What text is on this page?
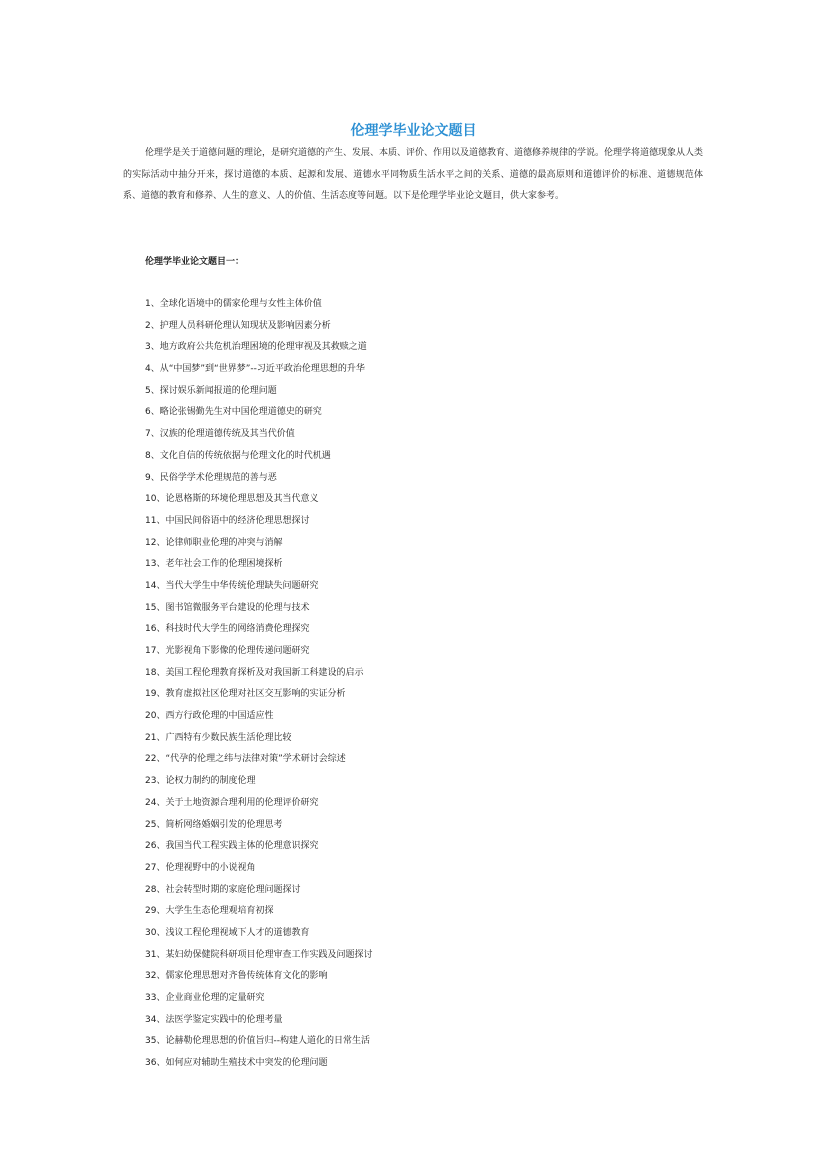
伦理学毕业论文题目

伦理学是关于道德问题的理论，是研究道德的产生、发展、本质、评价、作用以及道德教育、道德修养规律的学说。伦理学将道德现象从人类的实际活动中抽分开来，探讨道德的本质、起源和发展、道德水平同物质生活水平之间的关系、道德的最高原则和道德评价的标准、道德规范体系、道德的教育和修养、人生的意义、人的价值、生活态度等问题。以下是伦理学毕业论文题目，供大家参考。

伦理学毕业论文题目一：

1、全球化语境中的儒家伦理与女性主体价值
2、护理人员科研伦理认知现状及影响因素分析
3、地方政府公共危机治理困境的伦理审视及其救赎之道
4、从“中国梦”到“世界梦”--习近平政治伦理思想的升华
5、探讨娱乐新闻报道的伦理问题
6、略论张锡勤先生对中国伦理道德史的研究
7、汉族的伦理道德传统及其当代价值
8、文化自信的传统依据与伦理文化的时代机遇
9、民俗学学术伦理规范的善与恶
10、论恩格斯的环境伦理思想及其当代意义
11、中国民间俗语中的经济伦理思想探讨
12、论律师职业伦理的冲突与消解
13、老年社会工作的伦理困境探析
14、当代大学生中华传统伦理缺失问题研究
15、图书馆微服务平台建设的伦理与技术
16、科技时代大学生的网络消费伦理探究
17、光影视角下影像的伦理传递问题研究
18、美国工程伦理教育探析及对我国新工科建设的启示
19、教育虚拟社区伦理对社区交互影响的实证分析
20、西方行政伦理的中国适应性
21、广西特有少数民族生活伦理比较
22、“代孕的伦理之纬与法律对策”学术研讨会综述
23、论权力制约的制度伦理
24、关于土地资源合理利用的伦理评价研究
25、简析网络婚姻引发的伦理思考
26、我国当代工程实践主体的伦理意识探究
27、伦理视野中的小说视角
28、社会转型时期的家庭伦理问题探讨
29、大学生生态伦理观培育初探
30、浅议工程伦理视域下人才的道德教育
31、某妇幼保健院科研项目伦理审查工作实践及问题探讨
32、儒家伦理思想对齐鲁传统体育文化的影响
33、企业商业伦理的定量研究
34、法医学鉴定实践中的伦理考量
35、论赫勒伦理思想的价值旨归--构建人道化的日常生活
36、如何应对辅助生殖技术中突发的伦理问题
